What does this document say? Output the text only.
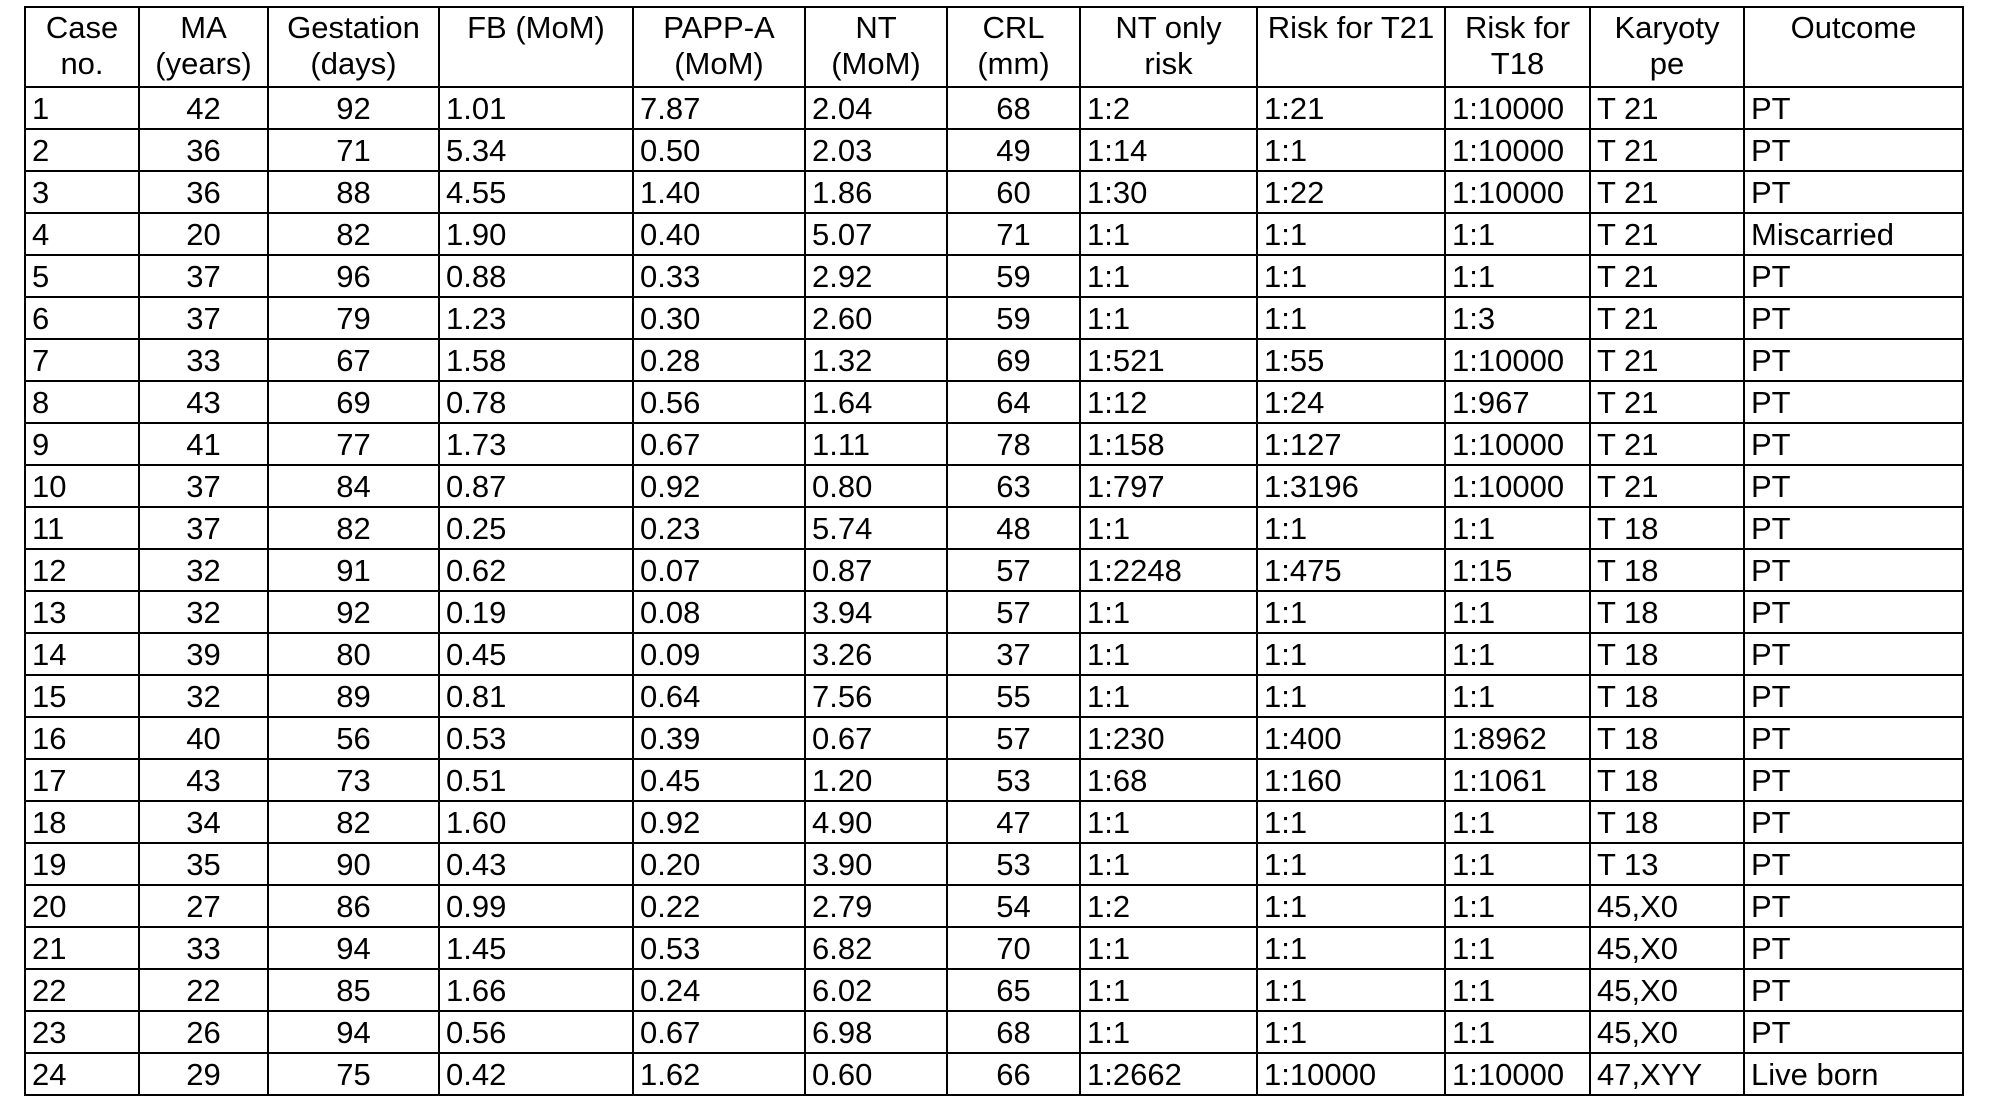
Case no.	MA (years)	Gestation (days)	FB (MoM)	PAPP-A (MoM)	NT (MoM)	CRL (mm)	NT only risk	Risk for T21	Risk for T18	Karyoty pe	Outcome
1	42	92	1.01	7.87	2.04	68	1:2	1:21	1:10000	T 21	PT
2	36	71	5.34	0.50	2.03	49	1:14	1:1	1:10000	T 21	PT
3	36	88	4.55	1.40	1.86	60	1:30	1:22	1:10000	T 21	PT
4	20	82	1.90	0.40	5.07	71	1:1	1:1	1:1	T 21	Miscarried
5	37	96	0.88	0.33	2.92	59	1:1	1:1	1:1	T 21	PT
6	37	79	1.23	0.30	2.60	59	1:1	1:1	1:3	T 21	PT
7	33	67	1.58	0.28	1.32	69	1:521	1:55	1:10000	T 21	PT
8	43	69	0.78	0.56	1.64	64	1:12	1:24	1:967	T 21	PT
9	41	77	1.73	0.67	1.11	78	1:158	1:127	1:10000	T 21	PT
10	37	84	0.87	0.92	0.80	63	1:797	1:3196	1:10000	T 21	PT
11	37	82	0.25	0.23	5.74	48	1:1	1:1	1:1	T 18	PT
12	32	91	0.62	0.07	0.87	57	1:2248	1:475	1:15	T 18	PT
13	32	92	0.19	0.08	3.94	57	1:1	1:1	1:1	T 18	PT
14	39	80	0.45	0.09	3.26	37	1:1	1:1	1:1	T 18	PT
15	32	89	0.81	0.64	7.56	55	1:1	1:1	1:1	T 18	PT
16	40	56	0.53	0.39	0.67	57	1:230	1:400	1:8962	T 18	PT
17	43	73	0.51	0.45	1.20	53	1:68	1:160	1:1061	T 18	PT
18	34	82	1.60	0.92	4.90	47	1:1	1:1	1:1	T 18	PT
19	35	90	0.43	0.20	3.90	53	1:1	1:1	1:1	T 13	PT
20	27	86	0.99	0.22	2.79	54	1:2	1:1	1:1	45,X0	PT
21	33	94	1.45	0.53	6.82	70	1:1	1:1	1:1	45,X0	PT
22	22	85	1.66	0.24	6.02	65	1:1	1:1	1:1	45,X0	PT
23	26	94	0.56	0.67	6.98	68	1:1	1:1	1:1	45,X0	PT
24	29	75	0.42	1.62	0.60	66	1:2662	1:10000	1:10000	47,XYY	Live born
